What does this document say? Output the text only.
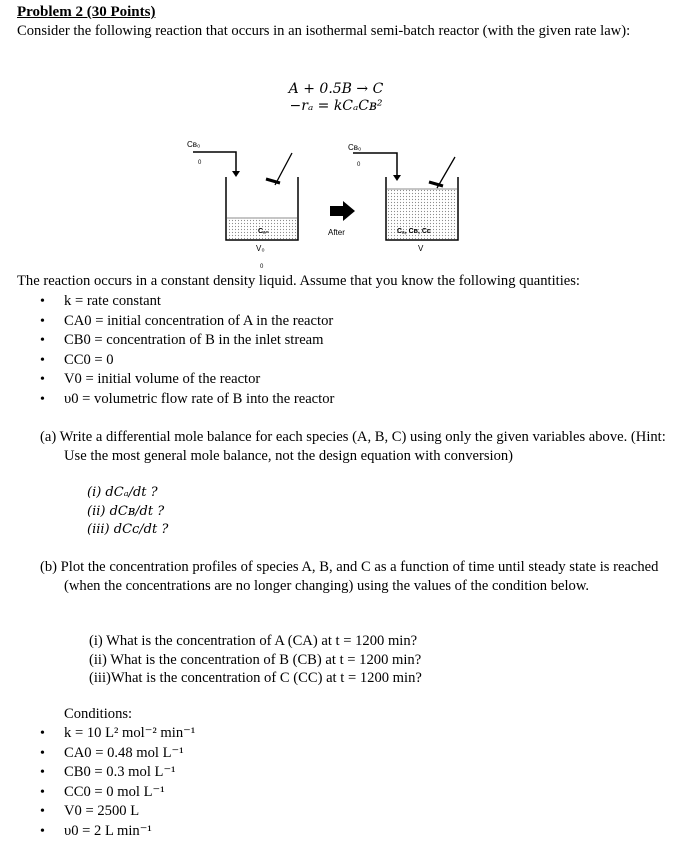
Problem 2 (30 Points)
Consider the following reaction that occurs in an isothermal semi-batch reactor (with the given rate law):
A + 0.5B → C
−rₐ = kCₐCʙ²
Cʙ₀
0
Cₐ₀
V₀
0
After
Cʙ₀
0
Cₐ, Cʙ, Cᴄ
V
The reaction occurs in a constant density liquid. Assume that you know the following quantities:
• k = rate constant
• CA0 = initial concentration of A in the reactor
• CB0 = concentration of B in the inlet stream
• CC0 = 0
• V0 = initial volume of the reactor
• υ0 = volumetric flow rate of B into the reactor
(a) Write a differential mole balance for each species (A, B, C) using only the given variables above. (Hint: Use the most general mole balance, not the design equation with conversion)
(i) dCₐ/dt ?
(ii) dCʙ/dt ?
(iii) dCᴄ/dt ?
(b) Plot the concentration profiles of species A, B, and C as a function of time until steady state is reached (when the concentrations are no longer changing) using the values of the condition below.
(i) What is the concentration of A (CA) at t = 1200 min?
(ii) What is the concentration of B (CB) at t = 1200 min?
(iii)What is the concentration of C (CC) at t = 1200 min?
Conditions:
• k = 10 L² mol⁻² min⁻¹
• CA0 = 0.48 mol L⁻¹
• CB0 = 0.3 mol L⁻¹
• CC0 = 0 mol L⁻¹
• V0 = 2500 L
• υ0 = 2 L min⁻¹
